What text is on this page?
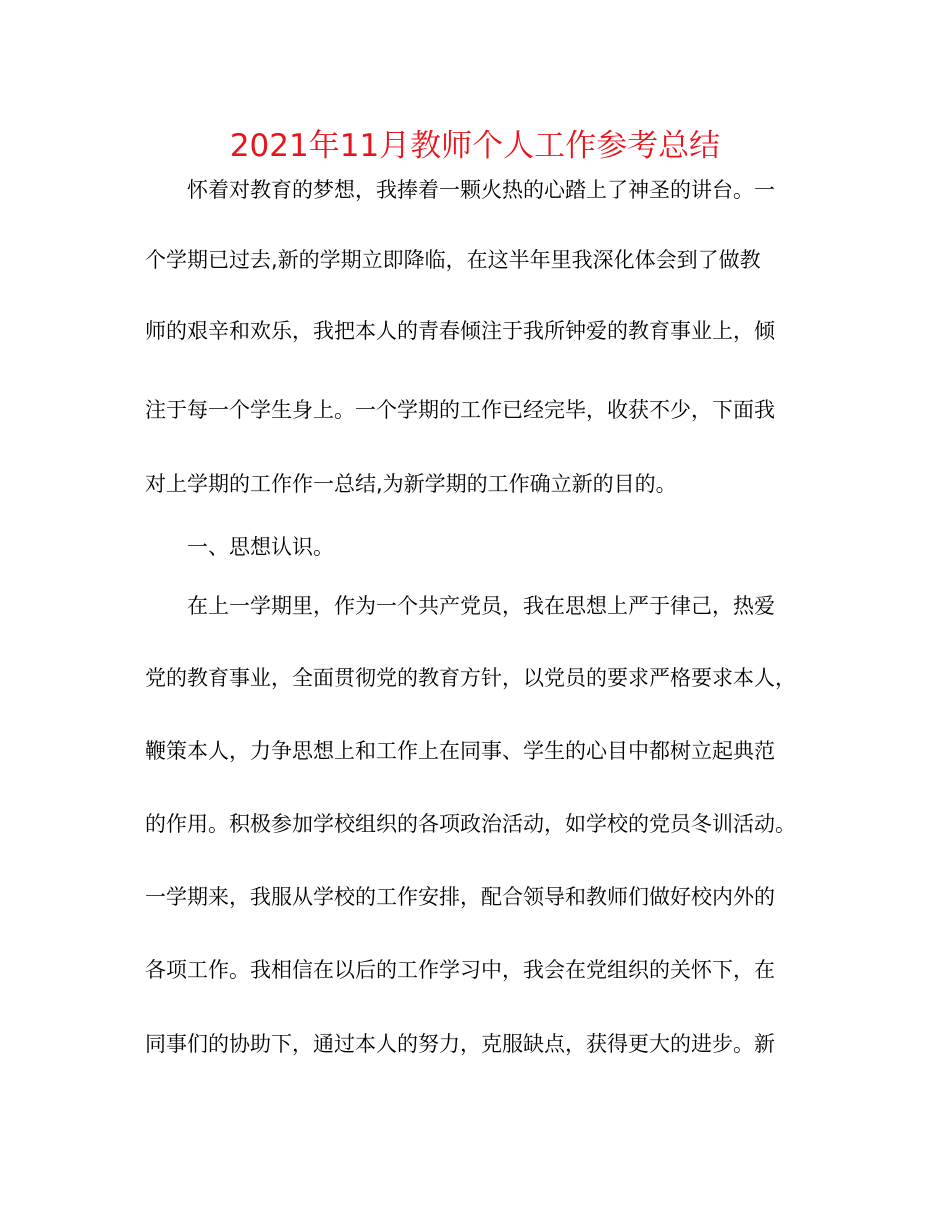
2021年11月教师个人工作参考总结
怀着对教育的梦想，我捧着一颗火热的心踏上了神圣的讲台。一
个学期已过去,新的学期立即降临，在这半年里我深化体会到了做教
师的艰辛和欢乐，我把本人的青春倾注于我所钟爱的教育事业上，倾
注于每一个学生身上。一个学期的工作已经完毕，收获不少，下面我
对上学期的工作作一总结,为新学期的工作确立新的目的。
一、思想认识。
在上一学期里，作为一个共产党员，我在思想上严于律己，热爱
党的教育事业，全面贯彻党的教育方针，以党员的要求严格要求本人，
鞭策本人，力争思想上和工作上在同事、学生的心目中都树立起典范
的作用。积极参加学校组织的各项政治活动，如学校的党员冬训活动。
一学期来，我服从学校的工作安排，配合领导和教师们做好校内外的
各项工作。我相信在以后的工作学习中，我会在党组织的关怀下，在
同事们的协助下，通过本人的努力，克服缺点，获得更大的进步。新
